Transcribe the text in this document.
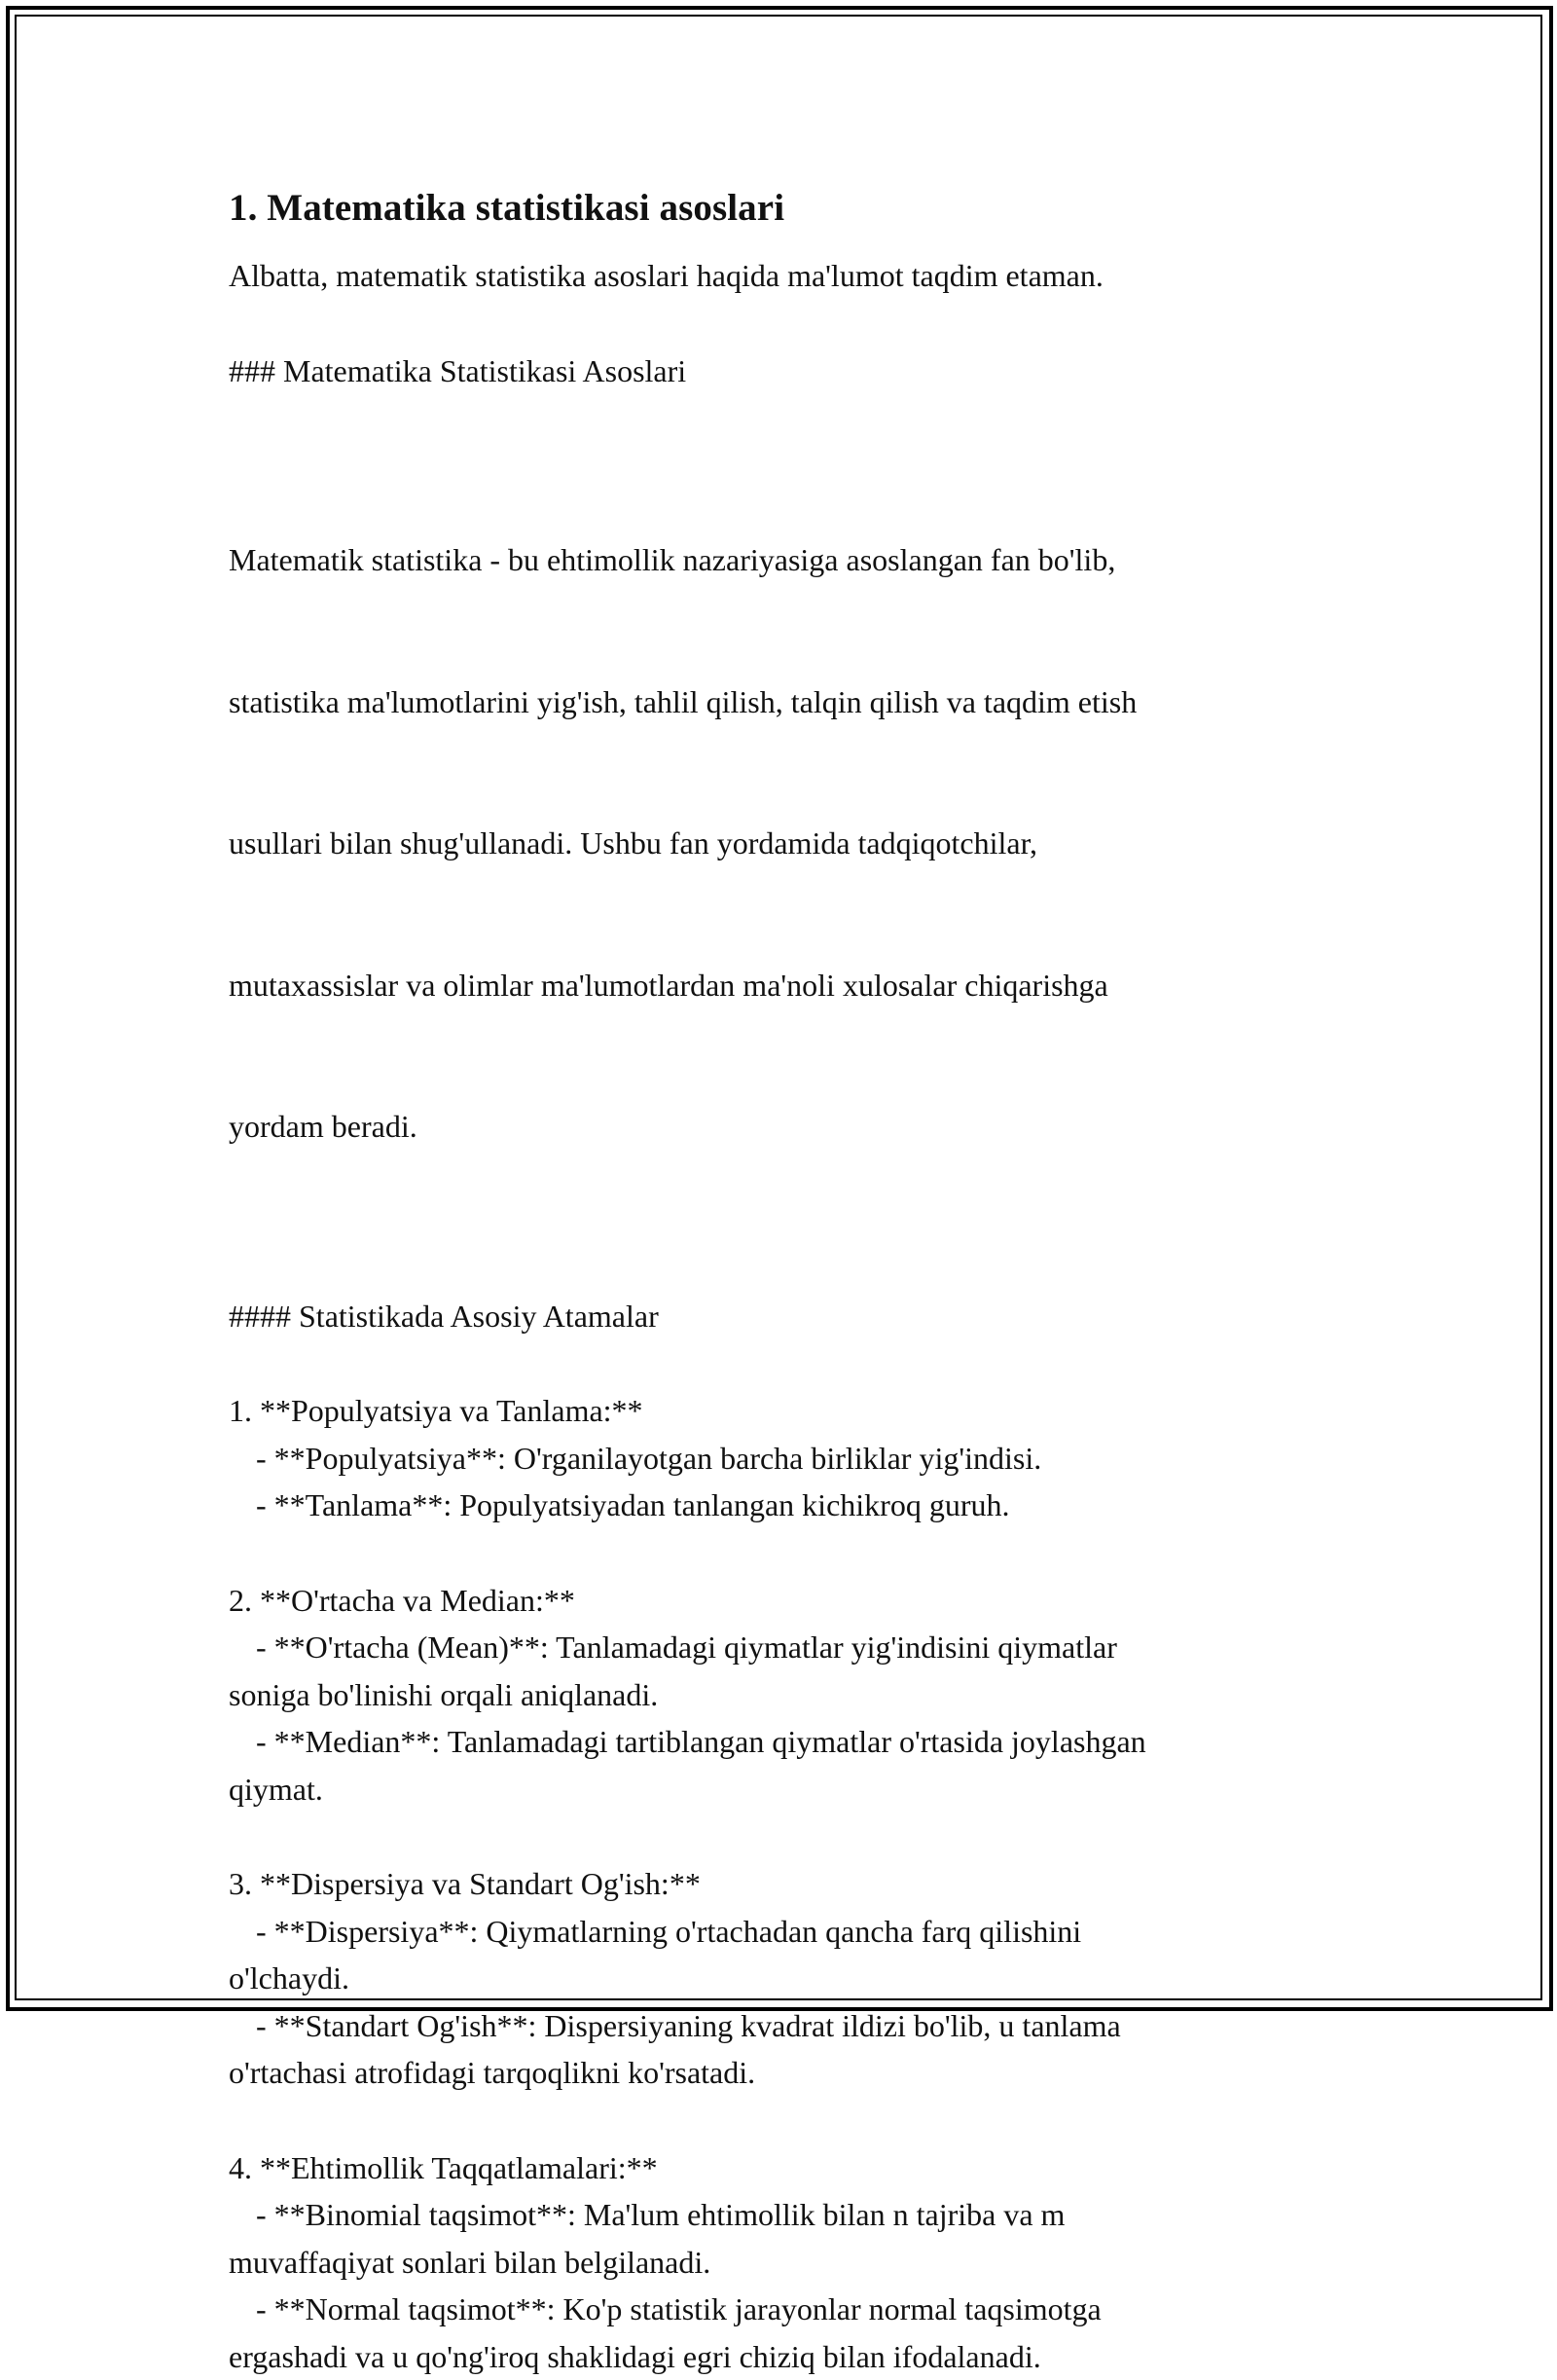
1. Matematika statistikasi asoslari

Albatta, matematik statistika asoslari haqida ma'lumot taqdim etaman.

### Matematika Statistikasi Asoslari

Matematik statistika - bu ehtimollik nazariyasiga asoslangan fan bo'lib,

statistika ma'lumotlarini yig'ish, tahlil qilish, talqin qilish va taqdim etish

usullari bilan shug'ullanadi. Ushbu fan yordamida tadqiqotchilar,

mutaxassislar va olimlar ma'lumotlardan ma'noli xulosalar chiqarishga

yordam beradi.

#### Statistikada Asosiy Atamalar

1. **Populyatsiya va Tanlama:**
- **Populyatsiya**: O'rganilayotgan barcha birliklar yig'indisi.
- **Tanlama**: Populyatsiyadan tanlangan kichikroq guruh.

2. **O'rtacha va Median:**
- **O'rtacha (Mean)**: Tanlamadagi qiymatlar yig'indisini qiymatlar
soniga bo'linishi orqali aniqlanadi.
- **Median**: Tanlamadagi tartiblangan qiymatlar o'rtasida joylashgan
qiymat.

3. **Dispersiya va Standart Og'ish:**
- **Dispersiya**: Qiymatlarning o'rtachadan qancha farq qilishini
o'lchaydi.
- **Standart Og'ish**: Dispersiyaning kvadrat ildizi bo'lib, u tanlama
o'rtachasi atrofidagi tarqoqlikni ko'rsatadi.

4. **Ehtimollik Taqqatlamalari:**
- **Binomial taqsimot**: Ma'lum ehtimollik bilan n tajriba va m
muvaffaqiyat sonlari bilan belgilanadi.
- **Normal taqsimot**: Ko'p statistik jarayonlar normal taqsimotga
ergashadi va u qo'ng'iroq shaklidagi egri chiziq bilan ifodalanadi.
